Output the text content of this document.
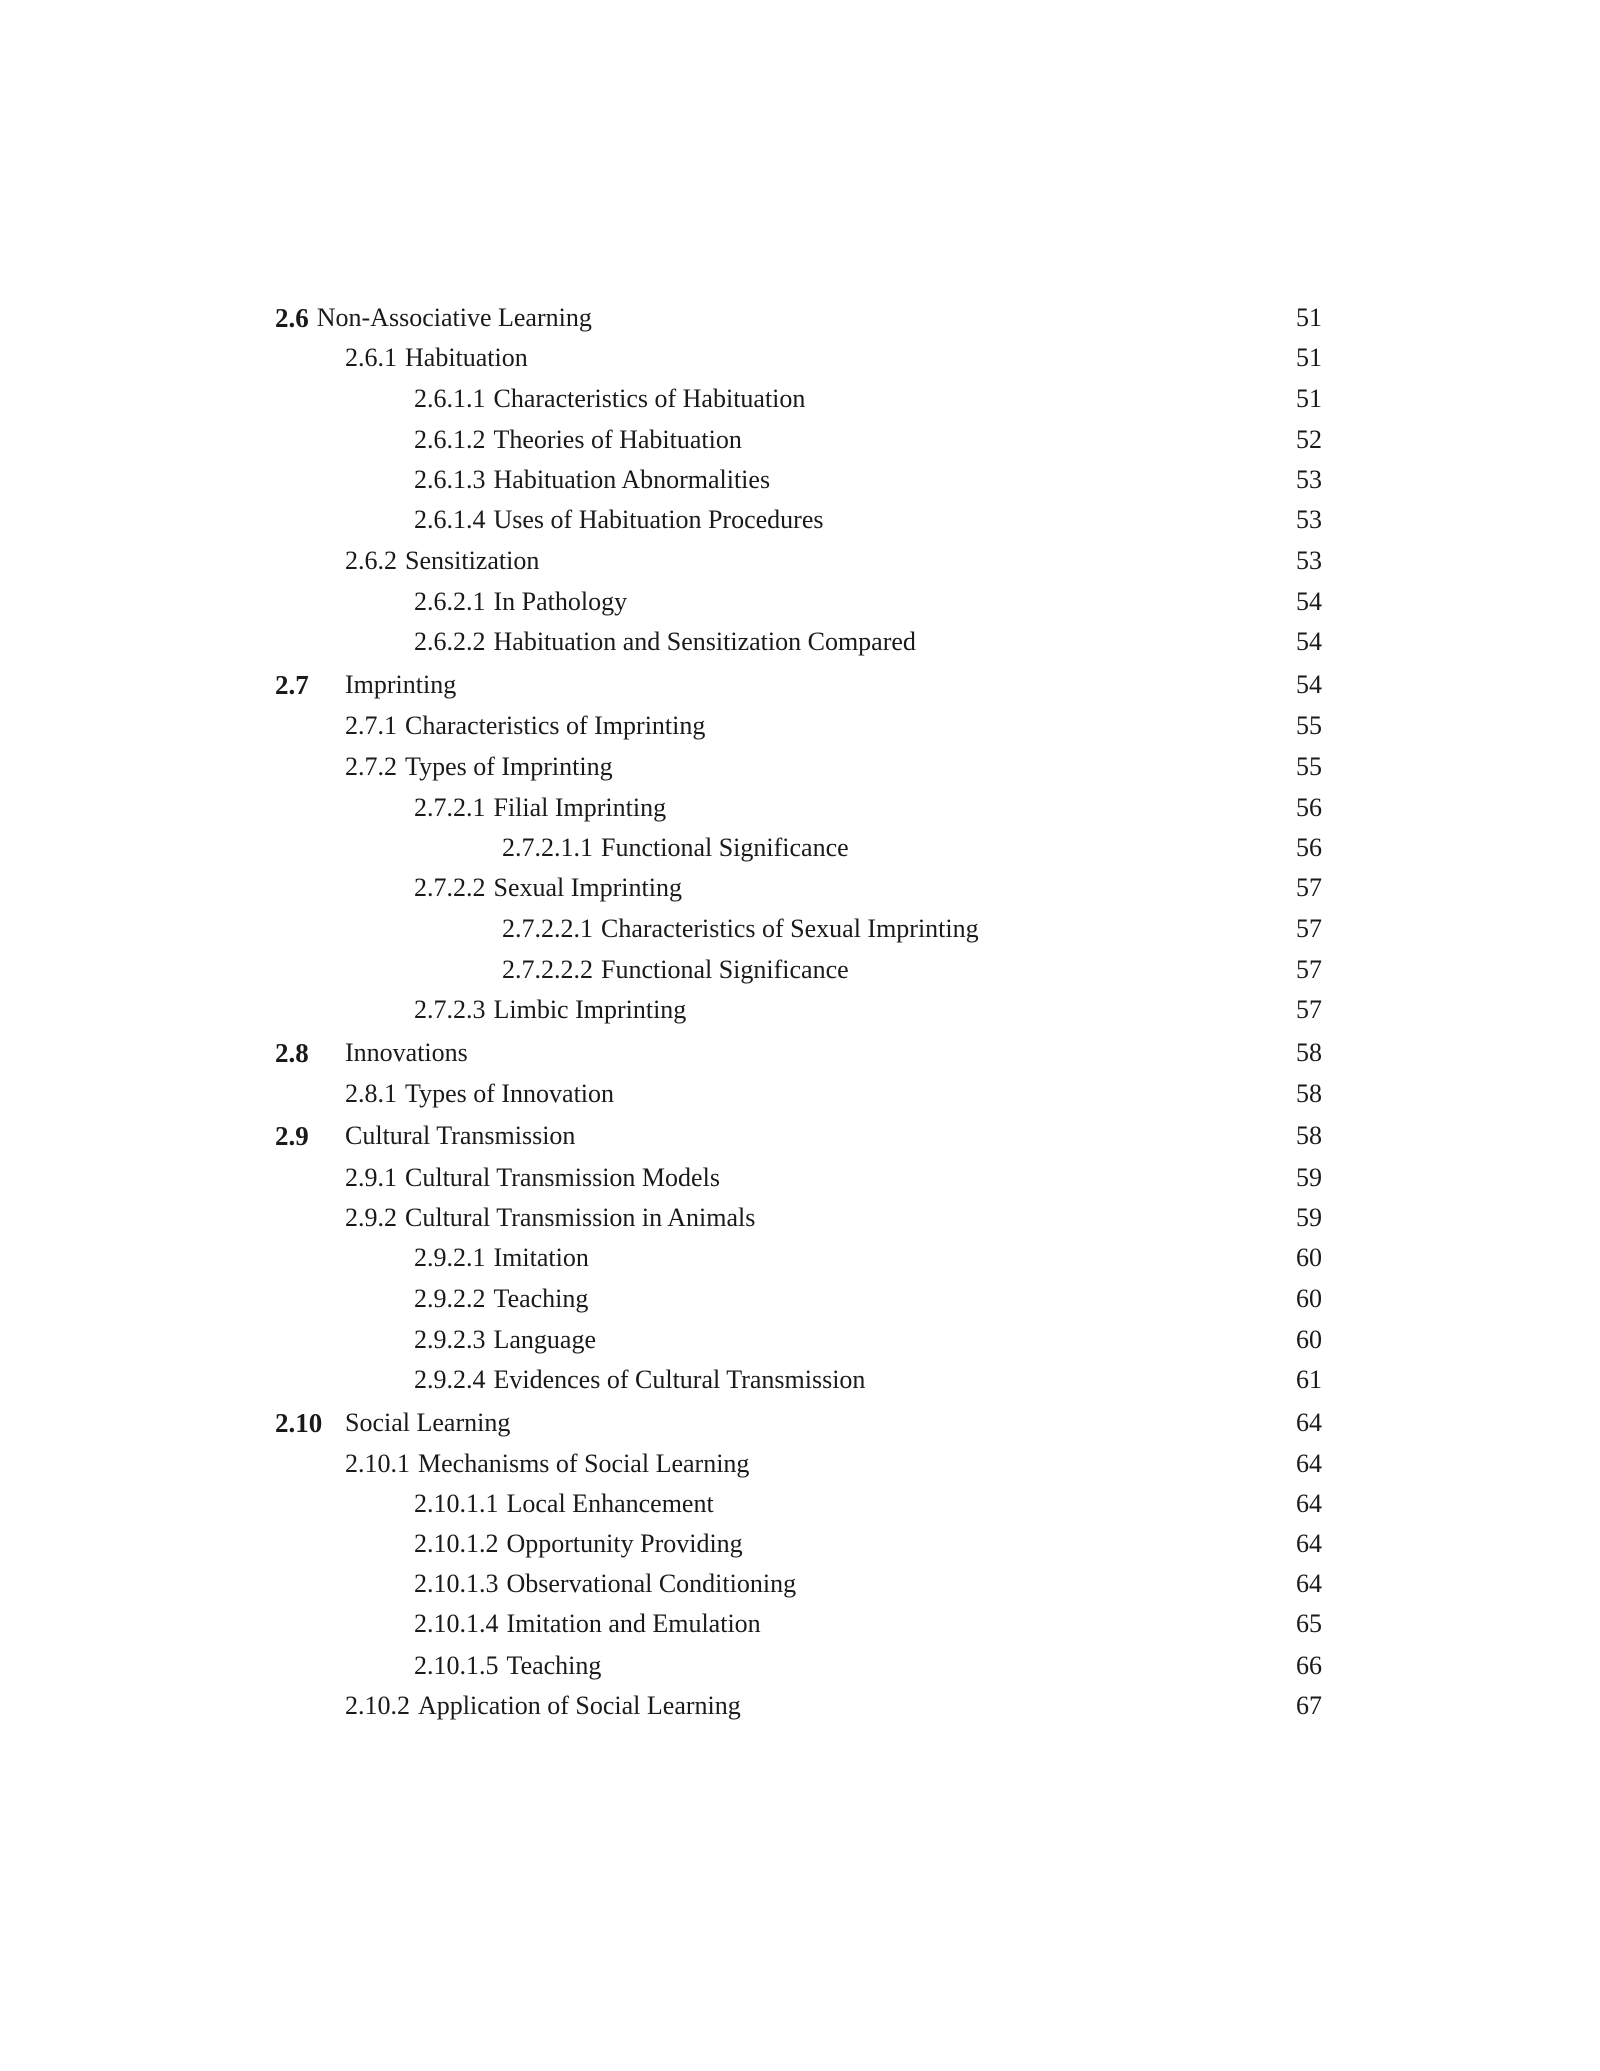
2.6 Non-Associative Learning	51
2.6.1 Habituation	51
2.6.1.1 Characteristics of Habituation	51
2.6.1.2 Theories of Habituation	52
2.6.1.3 Habituation Abnormalities	53
2.6.1.4 Uses of Habituation Procedures	53
2.6.2 Sensitization	53
2.6.2.1 In Pathology	54
2.6.2.2 Habituation and Sensitization Compared	54
2.7 Imprinting	54
2.7.1 Characteristics of Imprinting	55
2.7.2 Types of Imprinting	55
2.7.2.1 Filial Imprinting	56
2.7.2.1.1 Functional Significance	56
2.7.2.2 Sexual Imprinting	57
2.7.2.2.1 Characteristics of Sexual Imprinting	57
2.7.2.2.2 Functional Significance	57
2.7.2.3 Limbic Imprinting	57
2.8 Innovations	58
2.8.1 Types of Innovation	58
2.9 Cultural Transmission	58
2.9.1 Cultural Transmission Models	59
2.9.2 Cultural Transmission in Animals	59
2.9.2.1 Imitation	60
2.9.2.2 Teaching	60
2.9.2.3 Language	60
2.9.2.4 Evidences of Cultural Transmission	61
2.10 Social Learning	64
2.10.1 Mechanisms of Social Learning	64
2.10.1.1 Local Enhancement	64
2.10.1.2 Opportunity Providing	64
2.10.1.3 Observational Conditioning	64
2.10.1.4 Imitation and Emulation	65
2.10.1.5 Teaching	66
2.10.2 Application of Social Learning	67
